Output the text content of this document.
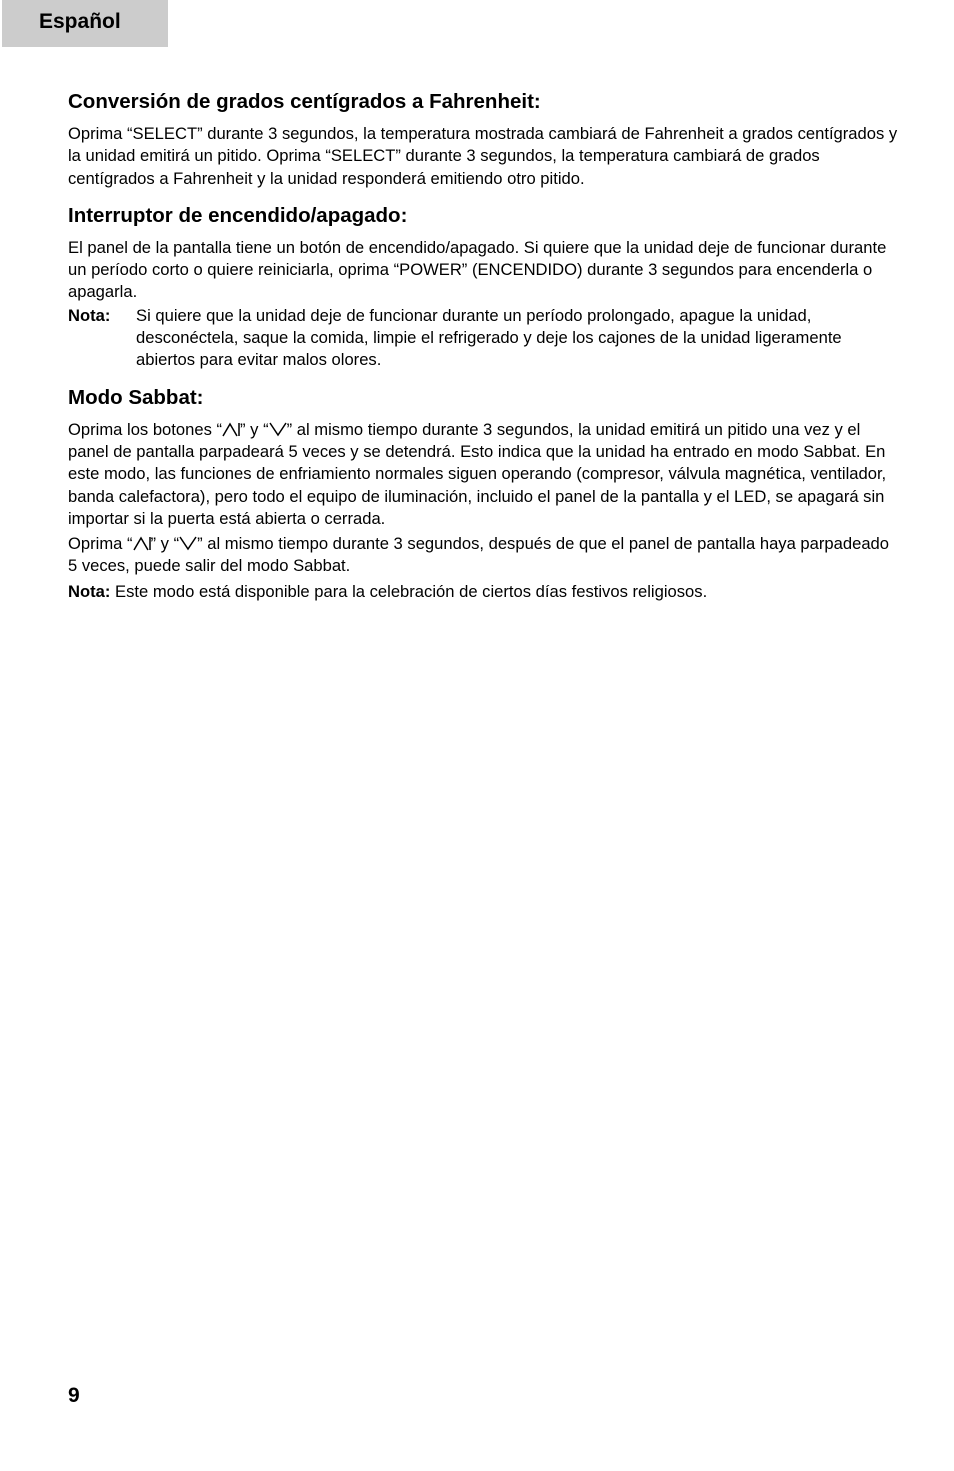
Español
Conversión de grados centígrados a Fahrenheit:

Oprima “SELECT” durante 3 segundos, la temperatura mostrada cambiará de Fahrenheit a grados centígrados y la unidad emitirá un pitido. Oprima “SELECT” durante 3 segundos, la temperatura cambiará de grados centígrados a Fahrenheit y la unidad responderá emitiendo otro pitido.

Interruptor de encendido/apagado:

El panel de la pantalla tiene un botón de encendido/apagado. Si quiere que la unidad deje de funcionar durante un período corto o quiere reiniciarla, oprima “POWER” (ENCENDIDO) durante 3 segundos para encenderla o apagarla.

Nota:	Si quiere que la unidad deje de funcionar durante un período prolongado, apague la unidad, desconéctela, saque la comida, limpie el refrigerado y deje los cajones de la unidad ligeramente abiertos para evitar malos olores.
Modo Sabbat:

Oprima los botones “ ” y “ ” al mismo tiempo durante 3 segundos, la unidad emitirá un pitido una vez y el panel de pantalla parpadeará 5 veces y se detendrá. Esto indica que la unidad ha entrado en modo Sabbat. En este modo, las funciones de enfriamiento normales siguen operando (compresor, válvula magnética, ventilador, banda calefactora), pero todo el equipo de iluminación, incluido el panel de la pantalla y el LED, se apagará sin importar si la puerta está abierta o cerrada.

Oprima “ ” y “ ” al mismo tiempo durante 3 segundos, después de que el panel de pantalla haya parpadeado 5 veces, puede salir del modo Sabbat.

Nota: Este modo está disponible para la celebración de ciertos días festivos religiosos.

9
